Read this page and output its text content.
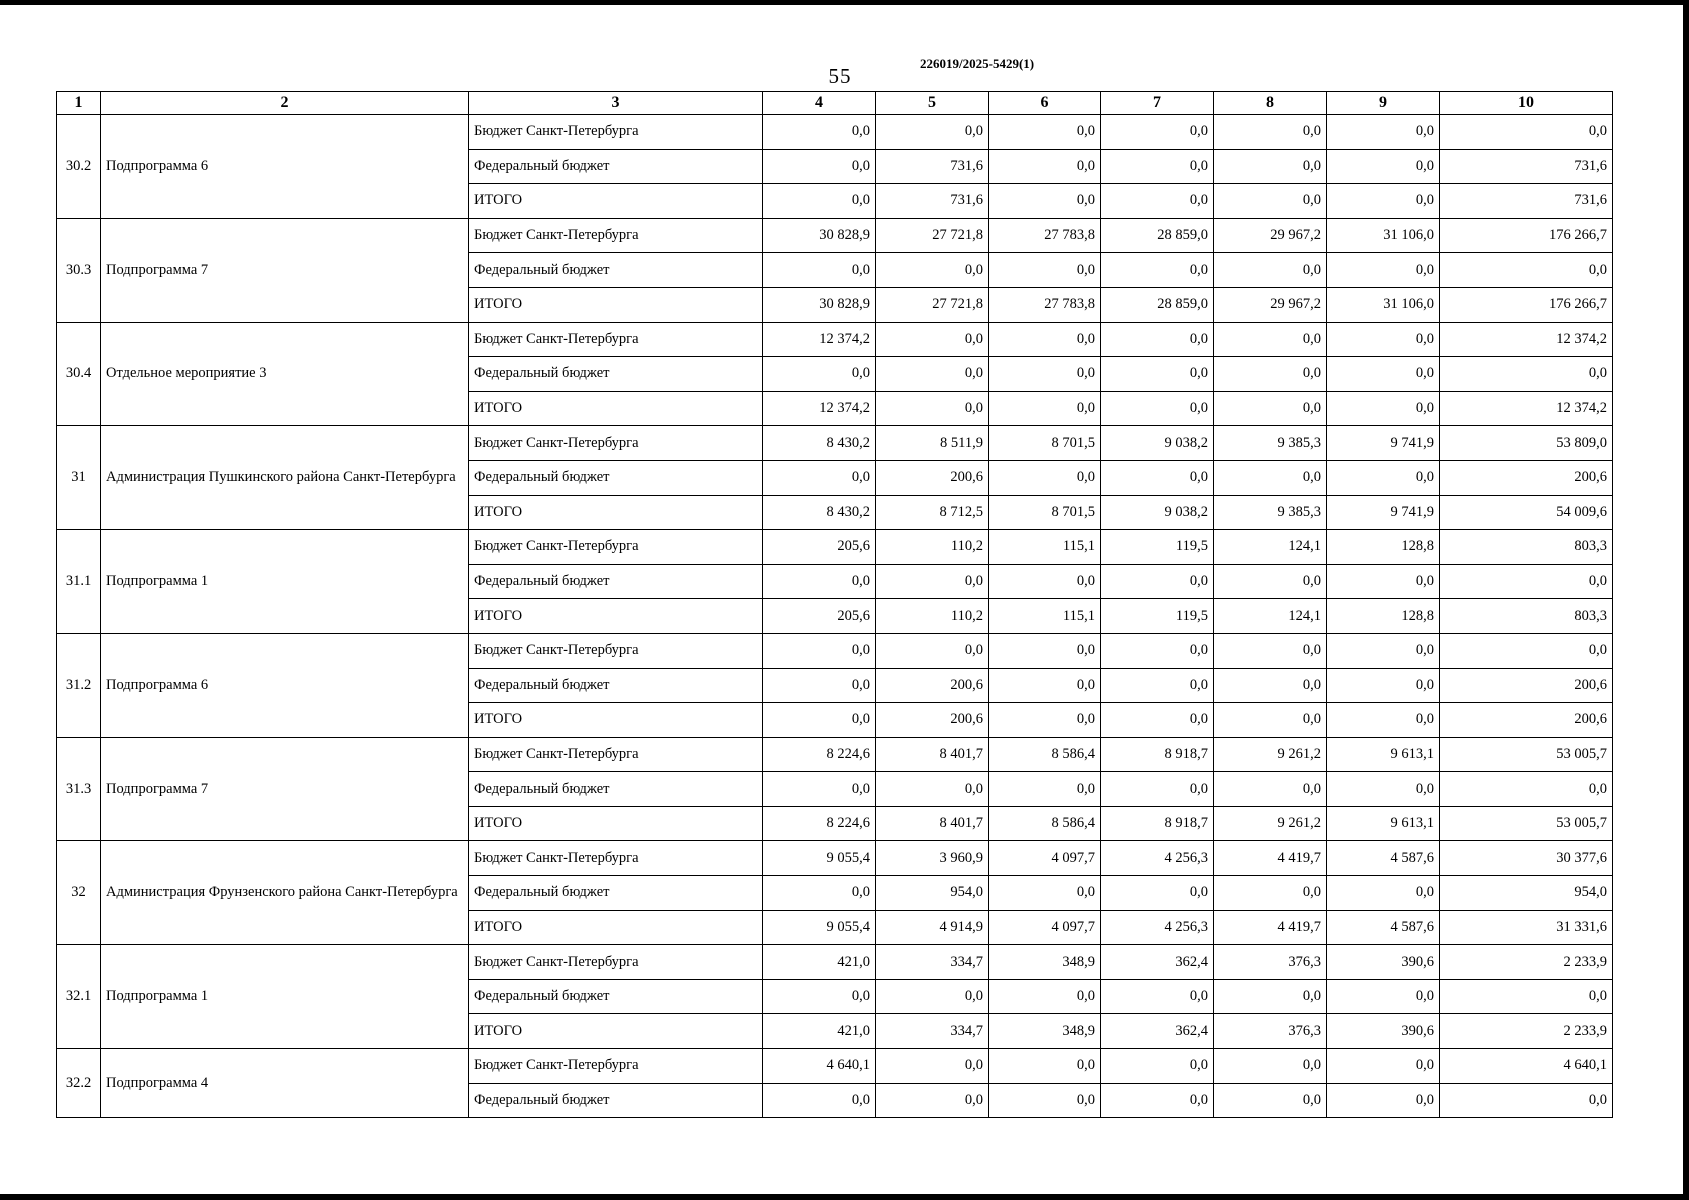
55
226019/2025-5429(1)
1	2	3	4	5	6	7	8	9	10
30.2	Подпрограмма 6	Бюджет Санкт-Петербурга	0,0	0,0	0,0	0,0	0,0	0,0	0,0
		Федеральный бюджет	0,0	731,6	0,0	0,0	0,0	0,0	731,6
		ИТОГО	0,0	731,6	0,0	0,0	0,0	0,0	731,6
30.3	Подпрограмма 7	Бюджет Санкт-Петербурга	30 828,9	27 721,8	27 783,8	28 859,0	29 967,2	31 106,0	176 266,7
		Федеральный бюджет	0,0	0,0	0,0	0,0	0,0	0,0	0,0
		ИТОГО	30 828,9	27 721,8	27 783,8	28 859,0	29 967,2	31 106,0	176 266,7
30.4	Отдельное мероприятие 3	Бюджет Санкт-Петербурга	12 374,2	0,0	0,0	0,0	0,0	0,0	12 374,2
		Федеральный бюджет	0,0	0,0	0,0	0,0	0,0	0,0	0,0
		ИТОГО	12 374,2	0,0	0,0	0,0	0,0	0,0	12 374,2
31	Администрация Пушкинского района Санкт-Петербурга	Бюджет Санкт-Петербурга	8 430,2	8 511,9	8 701,5	9 038,2	9 385,3	9 741,9	53 809,0
		Федеральный бюджет	0,0	200,6	0,0	0,0	0,0	0,0	200,6
		ИТОГО	8 430,2	8 712,5	8 701,5	9 038,2	9 385,3	9 741,9	54 009,6
31.1	Подпрограмма 1	Бюджет Санкт-Петербурга	205,6	110,2	115,1	119,5	124,1	128,8	803,3
		Федеральный бюджет	0,0	0,0	0,0	0,0	0,0	0,0	0,0
		ИТОГО	205,6	110,2	115,1	119,5	124,1	128,8	803,3
31.2	Подпрограмма 6	Бюджет Санкт-Петербурга	0,0	0,0	0,0	0,0	0,0	0,0	0,0
		Федеральный бюджет	0,0	200,6	0,0	0,0	0,0	0,0	200,6
		ИТОГО	0,0	200,6	0,0	0,0	0,0	0,0	200,6
31.3	Подпрограмма 7	Бюджет Санкт-Петербурга	8 224,6	8 401,7	8 586,4	8 918,7	9 261,2	9 613,1	53 005,7
		Федеральный бюджет	0,0	0,0	0,0	0,0	0,0	0,0	0,0
		ИТОГО	8 224,6	8 401,7	8 586,4	8 918,7	9 261,2	9 613,1	53 005,7
32	Администрация Фрунзенского района Санкт-Петербурга	Бюджет Санкт-Петербурга	9 055,4	3 960,9	4 097,7	4 256,3	4 419,7	4 587,6	30 377,6
		Федеральный бюджет	0,0	954,0	0,0	0,0	0,0	0,0	954,0
		ИТОГО	9 055,4	4 914,9	4 097,7	4 256,3	4 419,7	4 587,6	31 331,6
32.1	Подпрограмма 1	Бюджет Санкт-Петербурга	421,0	334,7	348,9	362,4	376,3	390,6	2 233,9
		Федеральный бюджет	0,0	0,0	0,0	0,0	0,0	0,0	0,0
		ИТОГО	421,0	334,7	348,9	362,4	376,3	390,6	2 233,9
32.2	Подпрограмма 4	Бюджет Санкт-Петербурга	4 640,1	0,0	0,0	0,0	0,0	0,0	4 640,1
		Федеральный бюджет	0,0	0,0	0,0	0,0	0,0	0,0	0,0
